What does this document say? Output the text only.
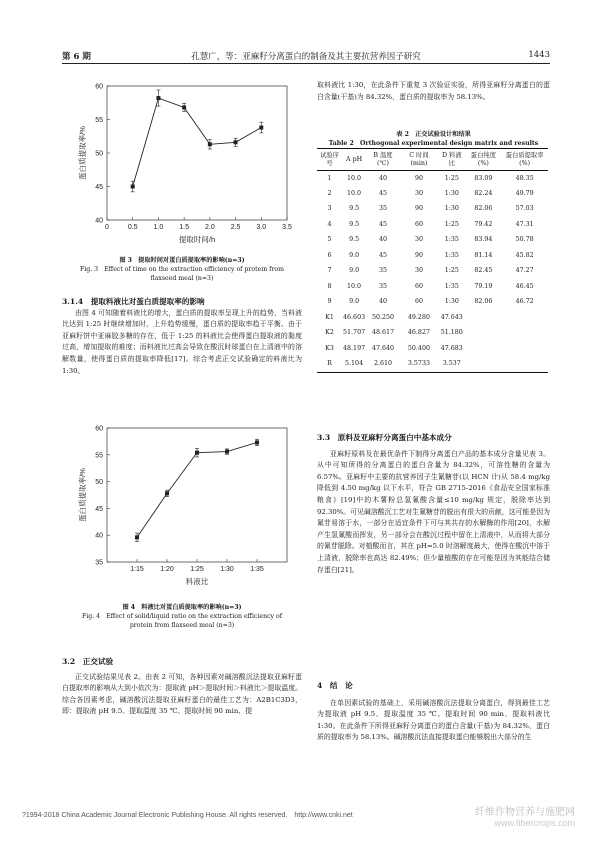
第 6 期	孔慧广，等：亚麻籽分离蛋白的制备及其主要抗营养因子研究	1443
40
45
50
55
60
0	0.5 1.0 1.5 2.0 2.5 3.0 3.5
提取时间/h
蛋白质提取率/%
图 3　提取时间对蛋白质提取率的影响(n=3)
Fig. 3　Effect of time on the extraction efficiency of protein from
flaxseed meal (n=3)
3.1.4　提取料液比对蛋白质提取率的影响
由图 4 可知随着料液比的增大，蛋白质的提取率呈现上升的趋势，当料液比达到 1:25 时继续增加时，上升趋势缓慢，蛋白质的提取率趋于平衡。由于亚麻籽饼中亚麻胶多糖的存在，低于 1:25 的料液比会使得蛋白提取液的黏度过高，增加提取的难度；而料液比过高会导致在酸沉时球蛋白在上清液中的溶解数量，使得蛋白质的提取率降低[17]。综合考虑正交试验确定的料液比为 1:30。
35
40
45
50
55
60
1:15 1:20 1:25 1:30 1:35
料液比
蛋白质提取率/%
图 4　料液比对蛋白质提取率的影响(n=3)
Fig. 4　Effect of solid/liquid ratio on the extraction efficiency of
protein from flaxseed meal (n=3)
3.2　正交试验
正交试验结果见表 2。由表 2 可知，各种因素对碱溶酸沉法提取亚麻籽蛋白提取率的影响从大到小依次为：提取液 pH＞提取时间＞料液比＞提取温度。综合各因素考虑，碱溶酸沉法提取亚麻籽蛋白的最佳工艺为：A2B1C3D3，即：提取液 pH 9.5、提取温度 35 ℃、提取时间 90 min、提
取料液比 1:30，在此条件下重复 3 次验证实验，所得亚麻籽分离蛋白的蛋白含量(干基)为 84.32%，蛋白质的提取率为 58.13%。
表 2　正交试验设计和结果
Table 2　Orthogonal experimental design matrix and results
试验序号	A pH	B 温度 (℃)	C 时间 (min)	D 料液比	蛋白纯度(%)	蛋白质提取率(%)
1	10.0	40	90	1:25	83.09	48.35
2	10.0	45	30	1:30	82.24	49.79
3	9.5	35	90	1:30	82.06	57.03
4	9.5	45	60	1:25	79.42	47.31
5	9.5	40	30	1:35	83.94	50.78
6	9.0	45	90	1:35	81.14	45.82
7	9.0	35	30	1:25	82.45	47.27
8	10.0	35	60	1:35	79.19	46.45
9	9.0	40	60	1:30	82.06	46.72
K1	46.603	50.250	49.280	47.643		
K2	51.707	48.617	46.827	51.180		
K3	48.197	47.640	50.400	47.683		
R	5.104	2.610	3.5733	3.537		
3.3　原料及亚麻籽分离蛋白中基本成分
亚麻籽原料及在最优条件下制得分离蛋白产品的基本成分含量见表 3。从中可知所得的分离蛋白的蛋白含量为 84.32%，可溶性糖的含量为 6.57%。亚麻籽中主要的抗营养因子生氰糖苷(以 HCN 计)从 58.4 mg/kg 降低到 4.50 mg/kg 以下水平，符合 GB 2715-2016《食品安全国家标准 粮食》[19]中的木薯粉总氢氰酸含量≤10 mg/kg 规定，脱除率达到 92.30%。可见碱溶酸沉工艺对生氰糖苷的脱出有很大的贡献，这可能是因为氰苷易溶于水，一部分在适宜条件下可与其共存的水解酶的作用[20]，水解产生氢氰酸而挥发，另一部分会在酸沉过程中留在上清液中，从而将大部分的氰苷脱除。对植酸而言，其在 pH=5.0 时溶解度最大，使得在酸沉中溶于上清液，脱除率也高达 82.49%；但少量植酸的存在可能是因为其能结合储存蛋白[21]。
4　结　论
在单因素试验的基础上，采用碱溶酸沉法提取分离蛋白，得到最佳工艺为提取液 pH 9.5、提取温度 35 ℃、提取时间 90 min、提取料液比 1:30。在此条件下所得亚麻籽分离蛋白的蛋白含量(干基)为 84.32%，蛋白质的提取率为 58.13%。碱溶酸沉法直接提取蛋白能够脱出大部分的生
?1994-2018 China Academic Journal Electronic Publishing House. All rights reserved.　http://www.cnki.net	纤维作物营养与施肥网
www.fibercrops.com
